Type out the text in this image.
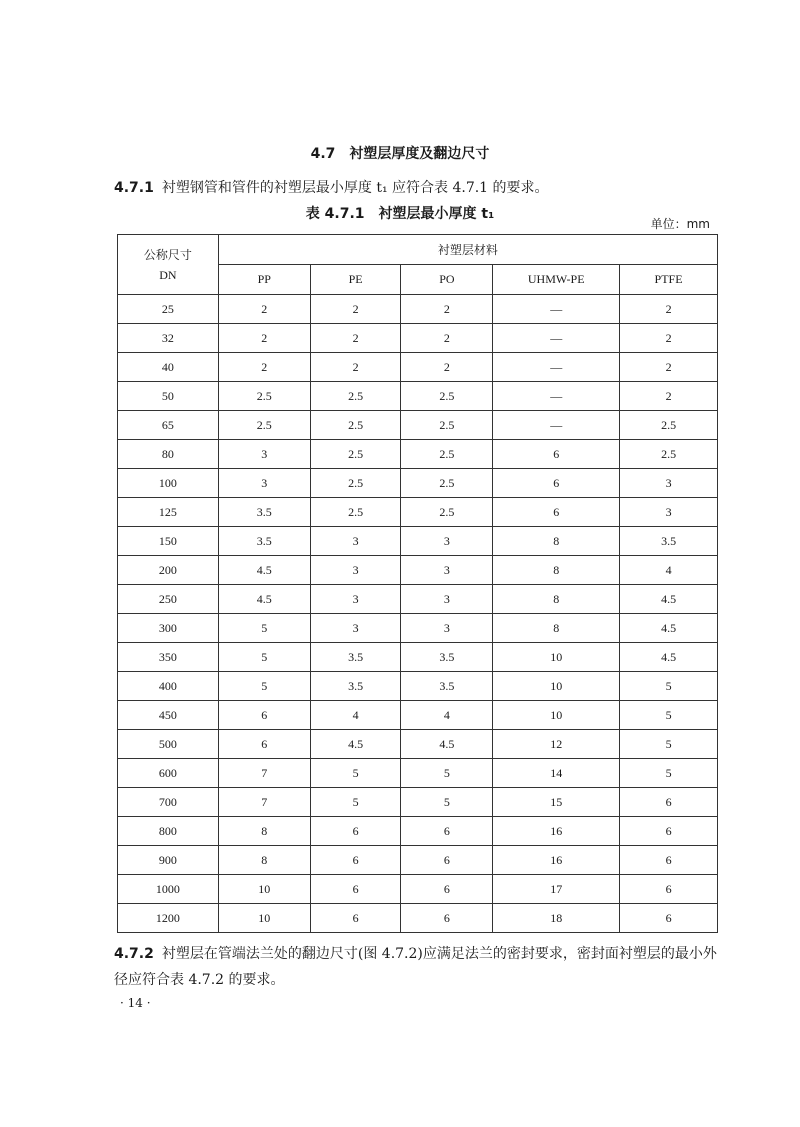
4.7　衬塑层厚度及翻边尺寸
4.7.1 衬塑钢管和管件的衬塑层最小厚度 t₁ 应符合表 4.7.1 的要求。
表 4.7.1　衬塑层最小厚度 t₁
单位：mm
公称尺寸
DN	衬塑层材料				
	PP	PE	PO	UHMW-PE	PTFE
25	2	2	2	—	2
32	2	2	2	—	2
40	2	2	2	—	2
50	2.5	2.5	2.5	—	2
65	2.5	2.5	2.5	—	2.5
80	3	2.5	2.5	6	2.5
100	3	2.5	2.5	6	3
125	3.5	2.5	2.5	6	3
150	3.5	3	3	8	3.5
200	4.5	3	3	8	4
250	4.5	3	3	8	4.5
300	5	3	3	8	4.5
350	5	3.5	3.5	10	4.5
400	5	3.5	3.5	10	5
450	6	4	4	10	5
500	6	4.5	4.5	12	5
600	7	5	5	14	5
700	7	5	5	15	6
800	8	6	6	16	6
900	8	6	6	16	6
1000	10	6	6	17	6
1200	10	6	6	18	6
4.7.2 衬塑层在管端法兰处的翻边尺寸(图 4.7.2)应满足法兰的密封要求，密封面衬塑层的最小外径应符合表 4.7.2 的要求。
· 14 ·
